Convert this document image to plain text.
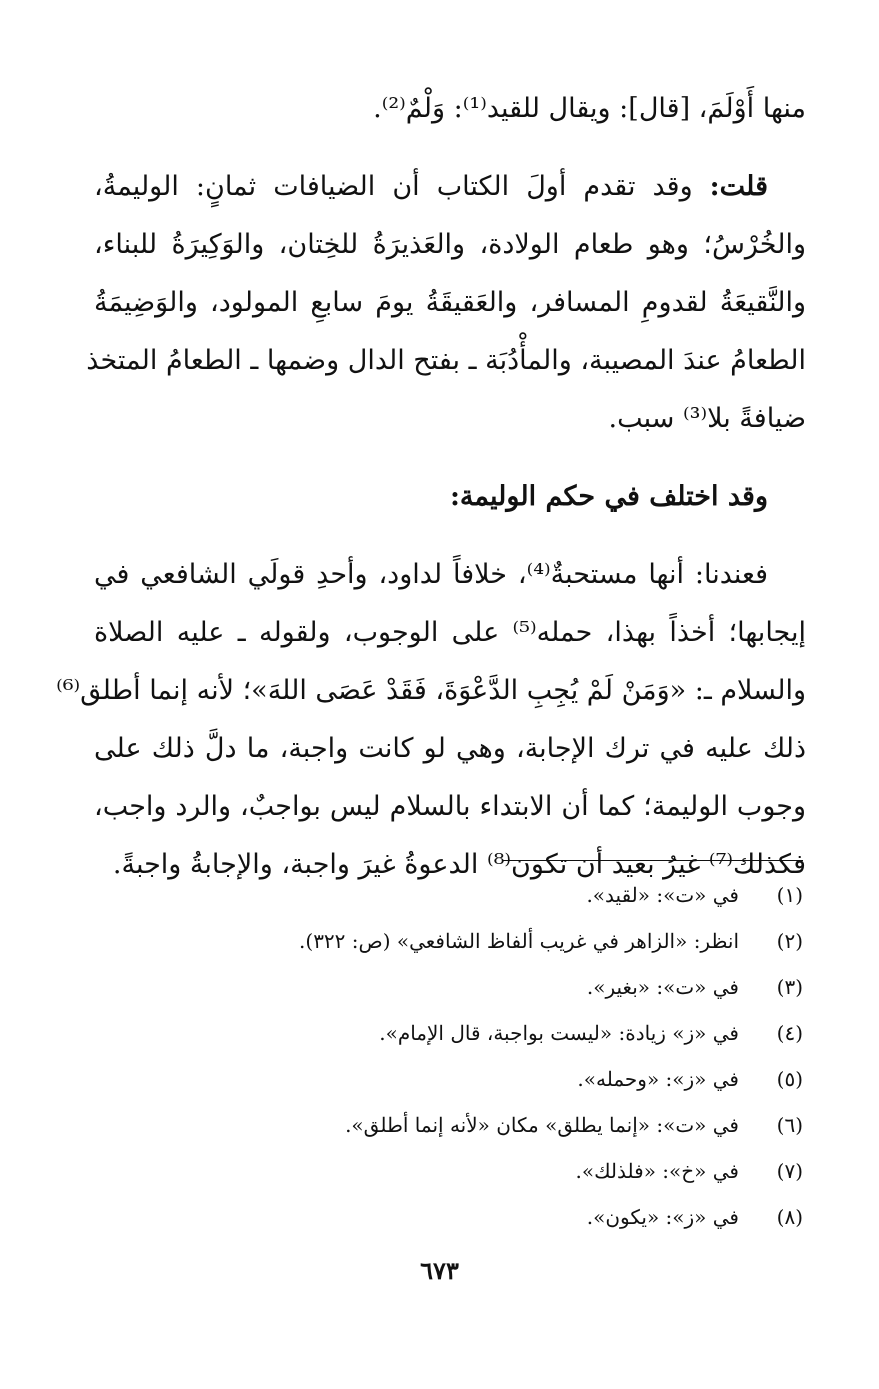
منها أَوْلَمَ، [قال]: ويقال للقيد⁽¹⁾: وَلْمٌ⁽²⁾.
قلت: وقد تقدم أولَ الكتاب أن الضيافات ثمانٍ: الوليمةُ،
والخُرْسُ؛ وهو طعام الولادة، والعَذيرَةُ للخِتان، والوَكِيرَةُ للبناء،
والنَّقيعَةُ لقدومِ المسافر، والعَقيقَةُ يومَ سابعِ المولود، والوَضِيمَةُ
الطعامُ عندَ المصيبة، والمأْدُبَة ـ بفتح الدال وضمها ـ الطعامُ المتخذ
ضيافةً بلا⁽³⁾ سبب.
وقد اختلف في حكم الوليمة:
فعندنا: أنها مستحبةٌ⁽⁴⁾، خلافاً لداود، وأحدِ قولَي الشافعي في
إيجابها؛ أخذاً بهذا، حمله⁽⁵⁾ على الوجوب، ولقوله ـ عليه الصلاة
والسلام ـ: «وَمَنْ لَمْ يُجِبِ الدَّعْوَةَ، فَقَدْ عَصَى اللهَ»؛ لأنه إنما أطلق⁽⁶⁾
ذلك عليه في ترك الإجابة، وهي لو كانت واجبة، ما دلَّ ذلك على
وجوب الوليمة؛ كما أن الابتداء بالسلام ليس بواجبٌ، والرد واجب،
فكذلك⁽⁷⁾ غيرُ بعيد أن تكون⁽⁸⁾ الدعوةُ غيرَ واجبة، والإجابةُ واجبةً.
(١)
في «ت»: «لقيد».
(٢)
انظر: «الزاهر في غريب ألفاظ الشافعي» (ص: ٣٢٢).
(٣)
في «ت»: «بغير».
(٤)
في «ز» زيادة: «ليست بواجبة، قال الإمام».
(٥)
في «ز»: «وحمله».
(٦)
في «ت»: «إنما يطلق» مكان «لأنه إنما أطلق».
(٧)
في «خ»: «فلذلك».
(٨)
في «ز»: «يكون».
٦٧٣
